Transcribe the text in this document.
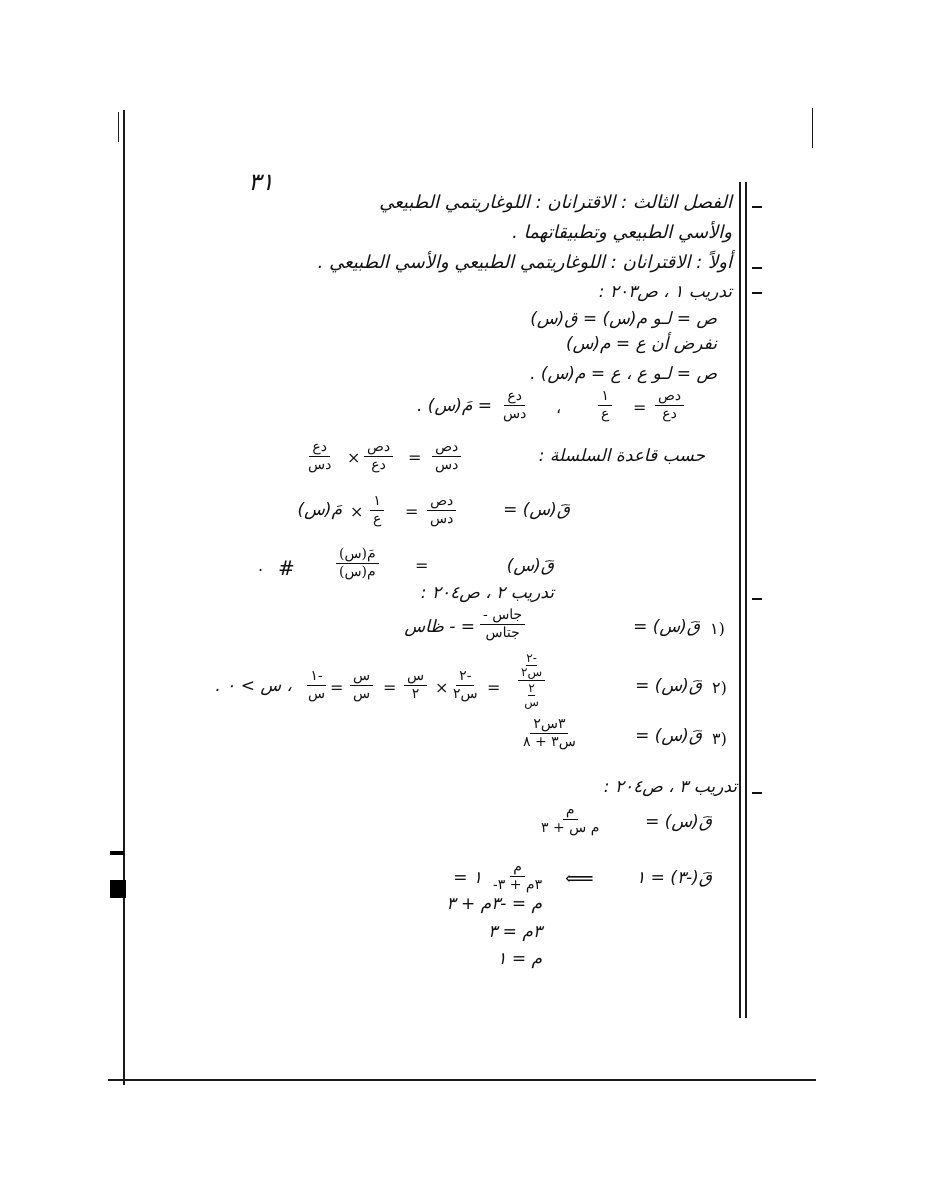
٣١
الفصل الثالث : الاقترانان : اللوغاريتمي الطبيعي
والأسي الطبيعي وتطبيقاتهما .
أولاً : الاقترانان : اللوغاريتمي الطبيعي والأسي الطبيعي .
تدريب ١ ، ص٢٠٣ :
ص = لـو م(س) = ق(س)
نفرض أن ع = م(س)
ص = لـو ع ، ع = م(س) .
دص
دع
=
١
ع
،
دع
دس
= مَ(س) .
حسب قاعدة السلسلة :
دص
دس
=
دص
دع
×
دع
دس
قَ(س) =
دص
دس
=
١
ع
×
مَ(س)
قَ(س)
=
مَ(س)
م(س)
#
.
تدريب ٢ ، ص٢٠٤ :
١)
قَ(س) =
- جاس
جتاس
= - ظاس
٢)
قَ(س) =
٢-
س٢
٢
س
=
٢-
س٢
×
س
٢
=
س
س
=
١-
س
، س > ٠ .
٣)
قَ(س) =
٣س٢
س٣ + ٨
تدريب ٣ ، ص٢٠٤ :
قَ(س) =
م
م س + ٣
قَ(-٣) = ١
⟸
م
-٣م + ٣
= ١
م = -٣م + ٣
٣م = ٣
م = ١
